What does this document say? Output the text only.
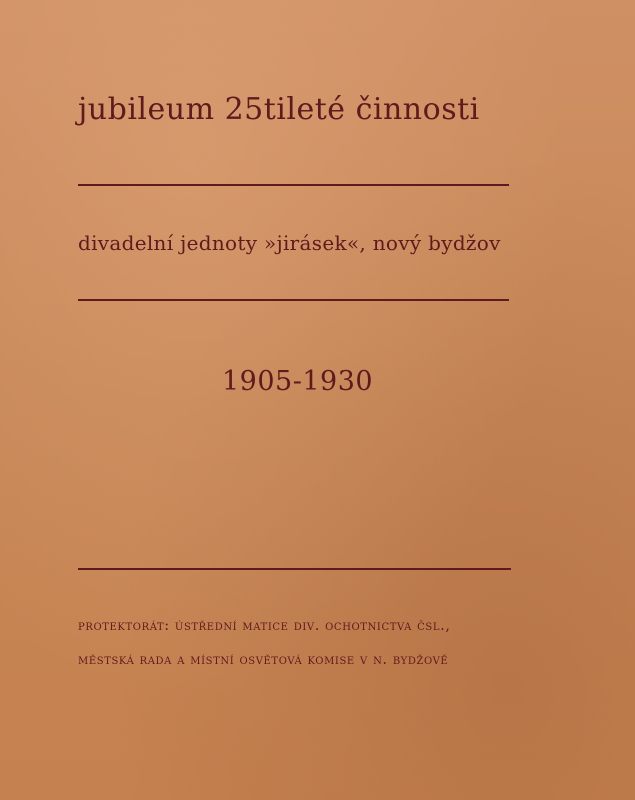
jubileum 25tileté činnosti
divadelní jednoty »jirásek«, nový bydžov
1905-1930
protektorát: ústřední matice div. ochotnictva čsl.,
městská rada a místní osvětová komise v n. bydžově
